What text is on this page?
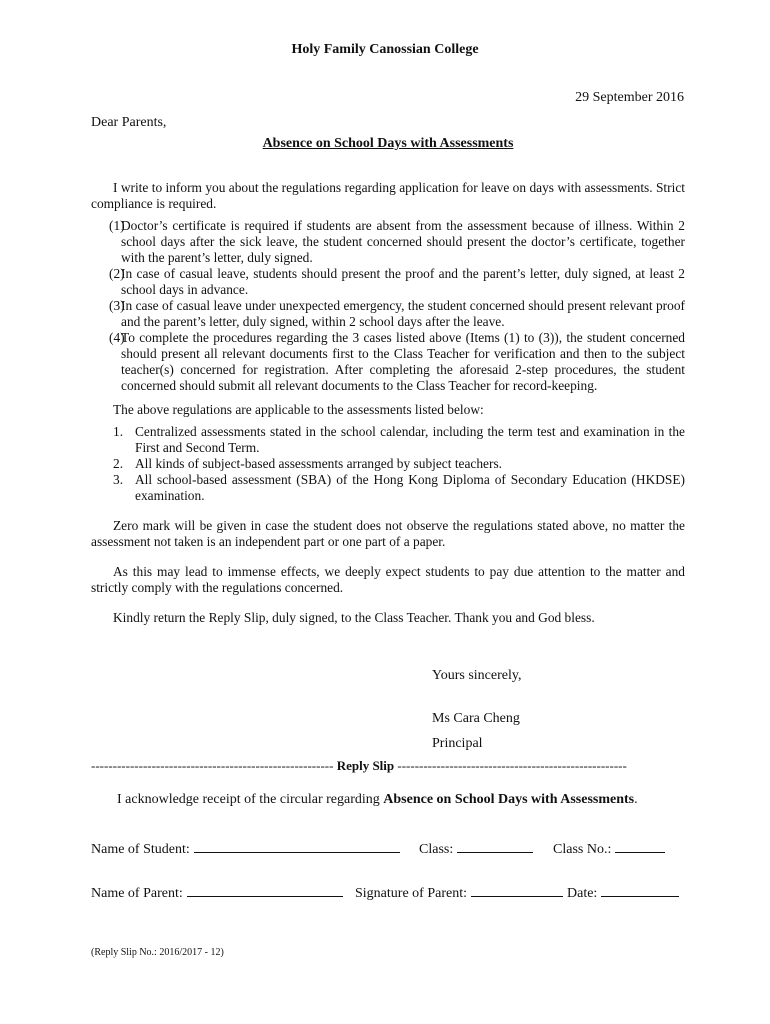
Holy Family Canossian College
29 September 2016
Dear Parents,
Absence on School Days with Assessments

I write to inform you about the regulations regarding application for leave on days with assessments. Strict compliance is required.

(1)
Doctor’s certificate is required if students are absent from the assessment because of illness. Within 2 school days after the sick leave, the student concerned should present the doctor’s certificate, together with the parent’s letter, duly signed.
(2)
In case of casual leave, students should present the proof and the parent’s letter, duly signed, at least 2 school days in advance.
(3)
In case of casual leave under unexpected emergency, the student concerned should present relevant proof and the parent’s letter, duly signed, within 2 school days after the leave.
(4)
To complete the procedures regarding the 3 cases listed above (Items (1) to (3)), the student concerned should present all relevant documents first to the Class Teacher for verification and then to the subject teacher(s) concerned for registration. After completing the aforesaid 2-step procedures, the student concerned should submit all relevant documents to the Class Teacher for record-keeping.

The above regulations are applicable to the assessments listed below:

1. Centralized assessments stated in the school calendar, including the term test and examination in the First and Second Term.
2. All kinds of subject-based assessments arranged by subject teachers.
3. All school-based assessment (SBA) of the Hong Kong Diploma of Secondary Education (HKDSE) examination.

Zero mark will be given in case the student does not observe the regulations stated above, no matter the assessment not taken is an independent part or one part of a paper.

As this may lead to immense effects, we deeply expect students to pay due attention to the matter and strictly comply with the regulations concerned.

Kindly return the Reply Slip, duly signed, to the Class Teacher. Thank you and God bless.

Yours sincerely,
Ms Cara Cheng
Principal
-------------------------------------------------------- Reply Slip -----------------------------------------------------
I acknowledge receipt of the circular regarding Absence on School Days with Assessments.
Name of Student:	Class:	Class No.:
Name of Parent:	Signature of Parent:	Date:
(Reply Slip No.: 2016/2017 - 12)
